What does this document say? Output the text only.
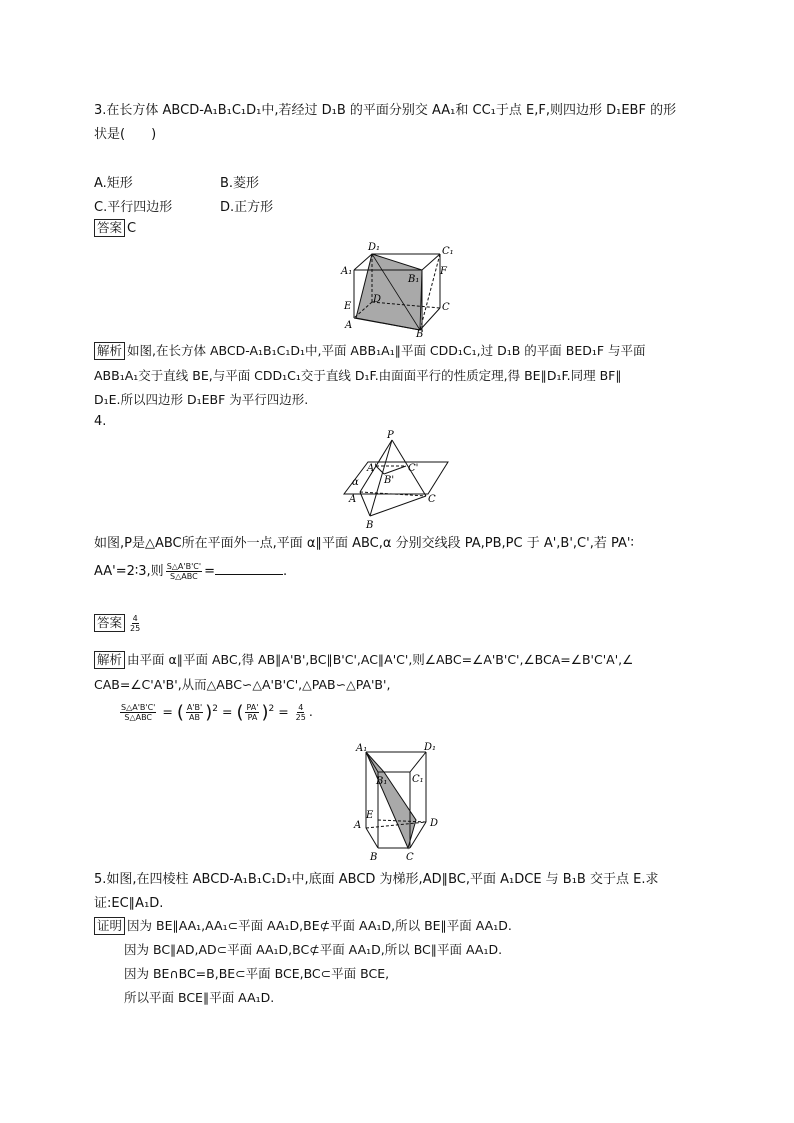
3.在长方体 ABCD-A₁B₁C₁D₁中,若经过 D₁B 的平面分别交 AA₁和 CC₁于点 E,F,则四边形 D₁EBF 的形
状是(　　)
A.矩形	B.菱形
C.平行四边形	D.正方形
答案 C
D₁	C₁
A₁
B₁
F
E
D
C
A
B
解析 如图,在长方体 ABCD-A₁B₁C₁D₁中,平面 ABB₁A₁∥平面 CDD₁C₁,过 D₁B 的平面 BED₁F 与平面
ABB₁A₁交于直线 BE,与平面 CDD₁C₁交于直线 D₁F.由面面平行的性质定理,得 BE∥D₁F.同理 BF∥
D₁E.所以四边形 D₁EBF 为平行四边形.
4.
P
A'	C'
α	B'
A	C
B
如图,P是△ABC所在平面外一点,平面 α∥平面 ABC,α 分别交线段 PA,PB,PC 于 A',B',C',若 PA'∶
AA'=2∶3,则 $\frac{S\triangle A'B'C'}{\text{S△ABC}}$ =	.
答案 $\frac{4}{25}$
解析 由平面 α∥平面 ABC,得 AB∥A'B',BC∥B'C',AC∥A'C',则∠ABC=∠A'B'C',∠BCA=∠B'C'A',∠
CAB=∠C'A'B',从而△ABC∽△A'B'C',△PAB∽△PA'B',
$\frac{S\triangle A'B'C'}{\text{S△ABC}}$ = ( $\frac{A'B'}{AB} )^2$ = ( $\frac{PA'}{PA} )^2 = \frac{4}{25}$ .
A₁	D₁
B₁ C₁
A
E
D
B	C
5.如图,在四棱柱 ABCD-A₁B₁C₁D₁中,底面 ABCD 为梯形,AD∥BC,平面 A₁DCE 与 B₁B 交于点 E.求
证:EC∥A₁D.
证明 因为 BE∥AA₁,AA₁⊂平面 AA₁D,BE⊄平面 AA₁D,所以 BE∥平面 AA₁D.
因为 BC∥AD,AD⊂平面 AA₁D,BC⊄平面 AA₁D,所以 BC∥平面 AA₁D.
因为 BE∩BC=B,BE⊂平面 BCE,BC⊂平面 BCE,
所以平面 BCE∥平面 AA₁D.
